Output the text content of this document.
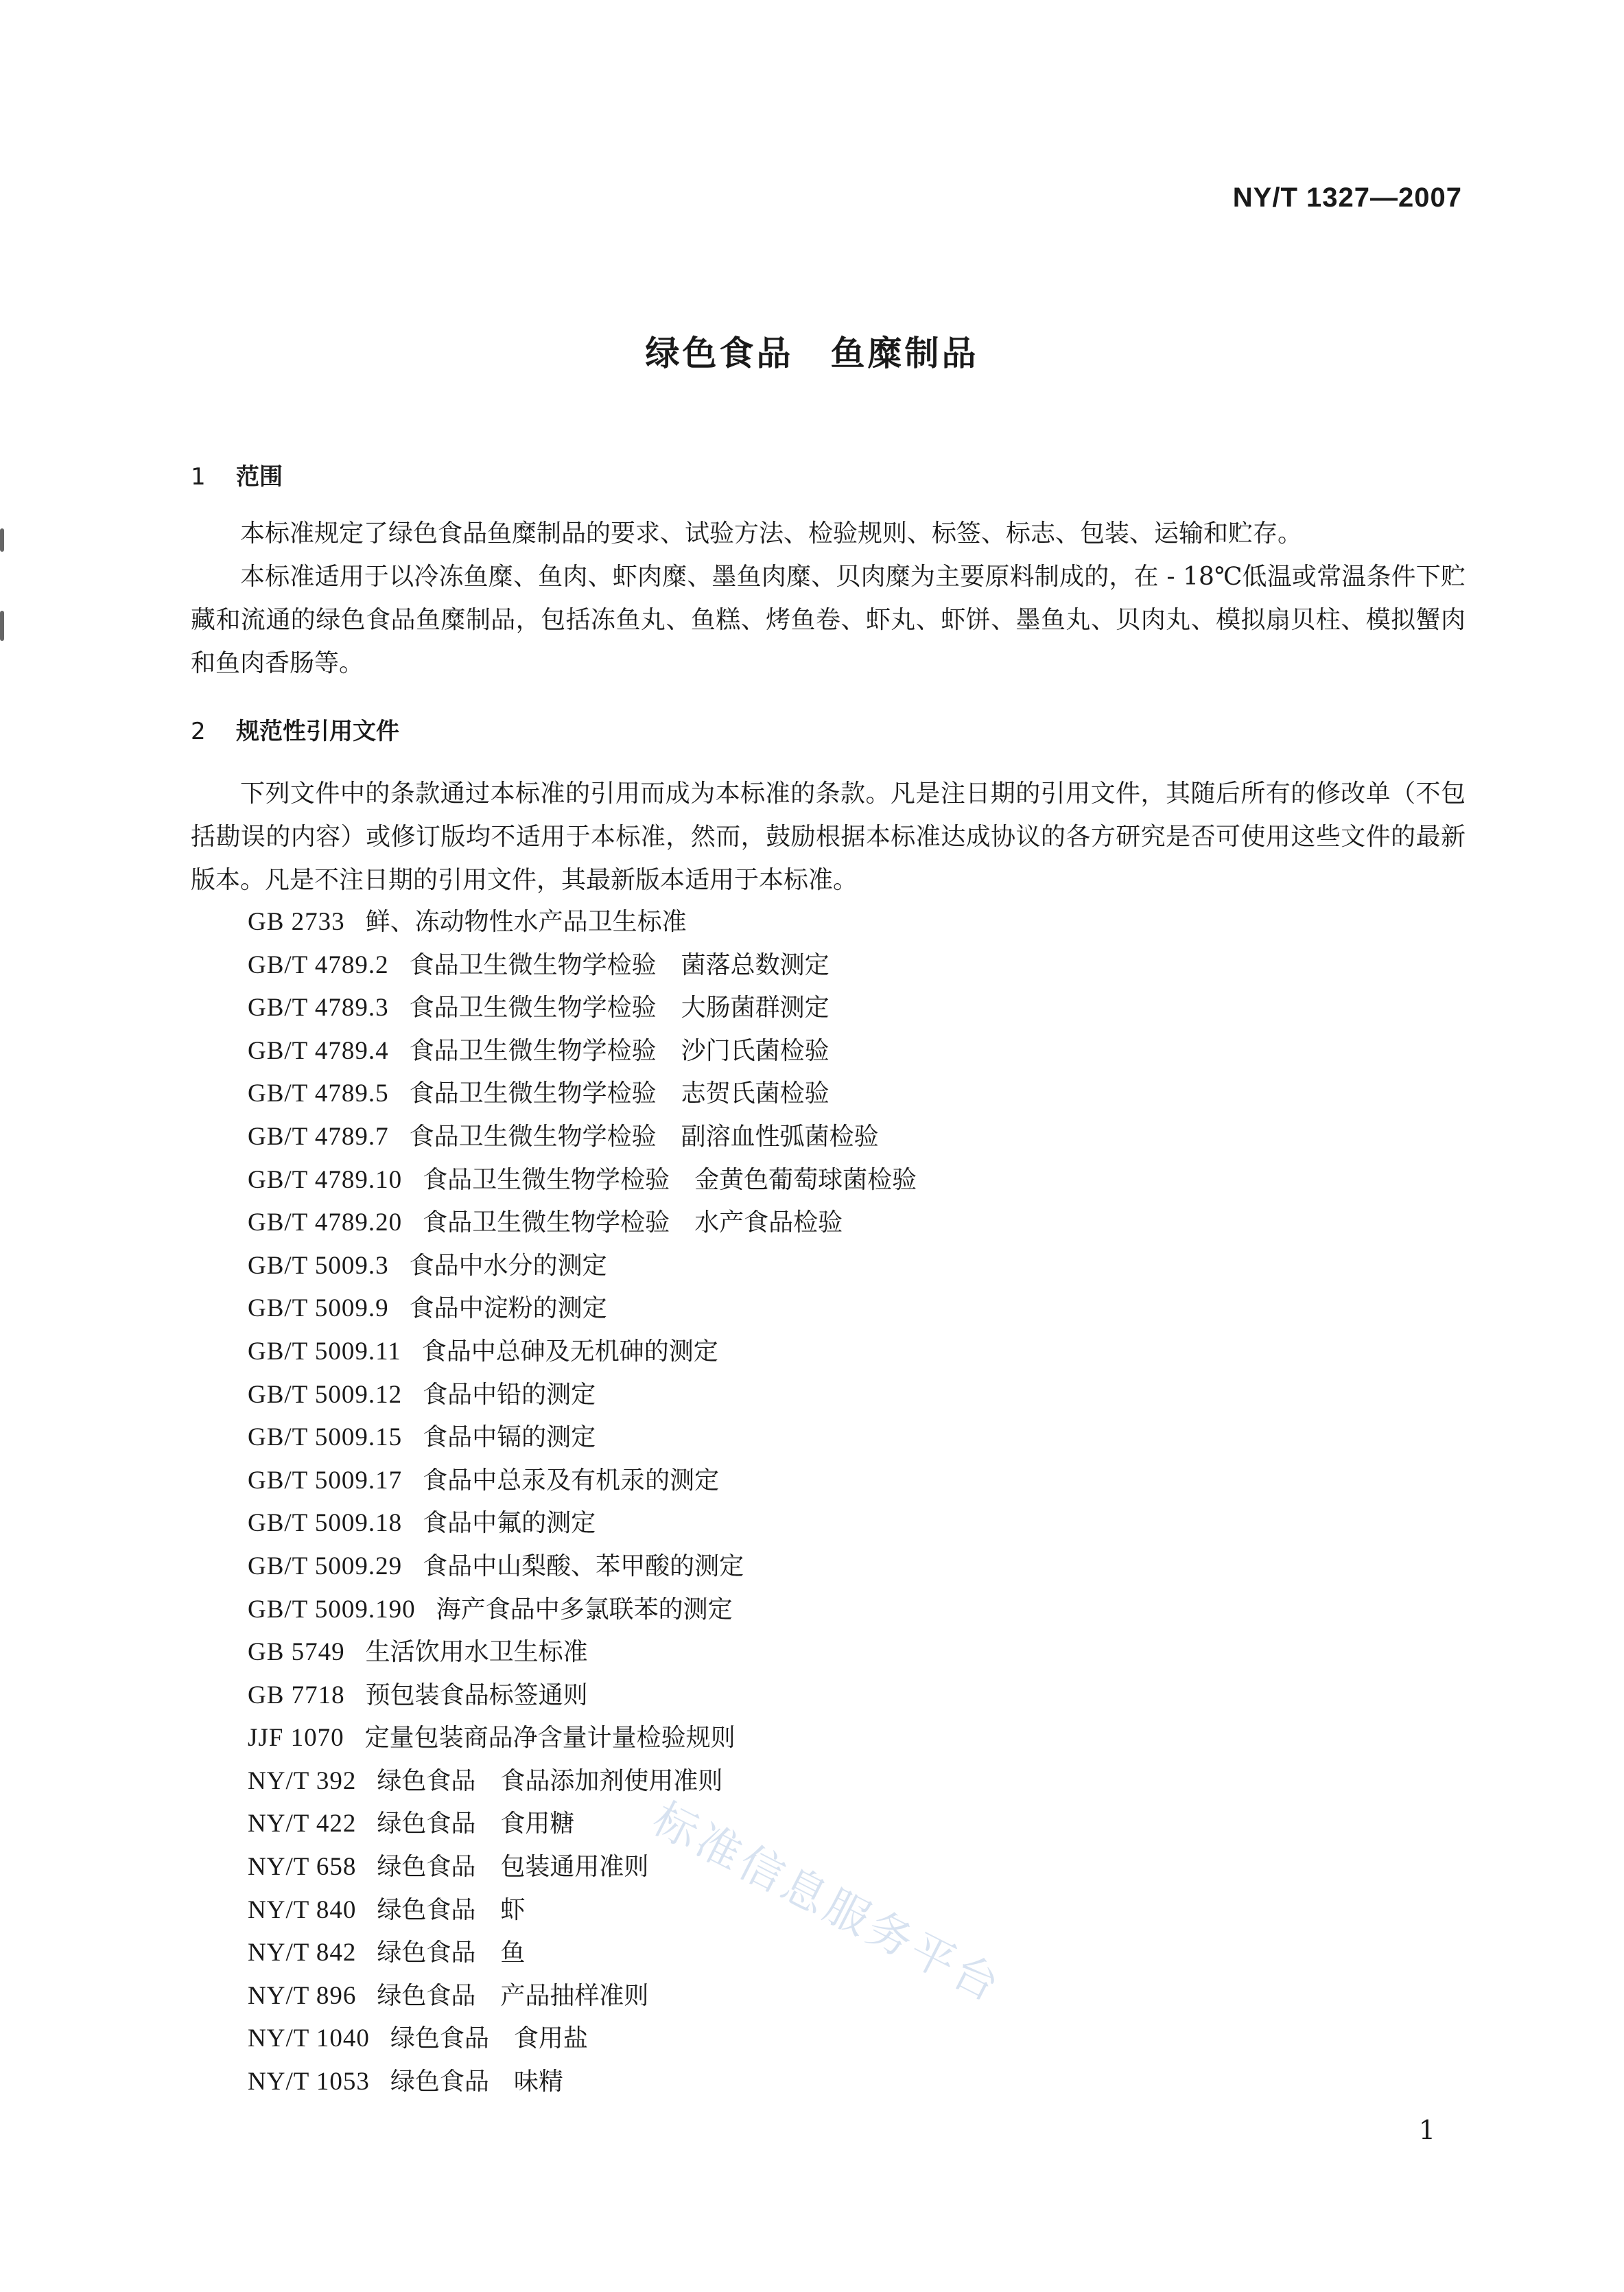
NY/T 1327—2007

绿色食品　鱼糜制品
1 范围

本标准规定了绿色食品鱼糜制品的要求、试验方法、检验规则、标签、标志、包装、运输和贮存。

本标准适用于以冷冻鱼糜、鱼肉、虾肉糜、墨鱼肉糜、贝肉糜为主要原料制成的，在 - 18℃低温或常温条件下贮藏和流通的绿色食品鱼糜制品，包括冻鱼丸、鱼糕、烤鱼卷、虾丸、虾饼、墨鱼丸、贝肉丸、模拟扇贝柱、模拟蟹肉和鱼肉香肠等。

2 规范性引用文件

下列文件中的条款通过本标准的引用而成为本标准的条款。凡是注日期的引用文件，其随后所有的修改单（不包括勘误的内容）或修订版均不适用于本标准，然而，鼓励根据本标准达成协议的各方研究是否可使用这些文件的最新版本。凡是不注日期的引用文件，其最新版本适用于本标准。

GB 2733 鲜、冻动物性水产品卫生标准
GB/T 4789.2 食品卫生微生物学检验　菌落总数测定
GB/T 4789.3 食品卫生微生物学检验　大肠菌群测定
GB/T 4789.4 食品卫生微生物学检验　沙门氏菌检验
GB/T 4789.5 食品卫生微生物学检验　志贺氏菌检验
GB/T 4789.7 食品卫生微生物学检验　副溶血性弧菌检验
GB/T 4789.10 食品卫生微生物学检验　金黄色葡萄球菌检验
GB/T 4789.20 食品卫生微生物学检验　水产食品检验
GB/T 5009.3 食品中水分的测定
GB/T 5009.9 食品中淀粉的测定
GB/T 5009.11 食品中总砷及无机砷的测定
GB/T 5009.12 食品中铅的测定
GB/T 5009.15 食品中镉的测定
GB/T 5009.17 食品中总汞及有机汞的测定
GB/T 5009.18 食品中氟的测定
GB/T 5009.29 食品中山梨酸、苯甲酸的测定
GB/T 5009.190 海产食品中多氯联苯的测定
GB 5749 生活饮用水卫生标准
GB 7718 预包装食品标签通则
JJF 1070 定量包装商品净含量计量检验规则
NY/T 392 绿色食品　食品添加剂使用准则
NY/T 422 绿色食品　食用糖
NY/T 658 绿色食品　包装通用准则
NY/T 840 绿色食品　虾
NY/T 842 绿色食品　鱼
NY/T 896 绿色食品　产品抽样准则
NY/T 1040 绿色食品　食用盐
NY/T 1053 绿色食品　味精

标准信息服务平台

1
